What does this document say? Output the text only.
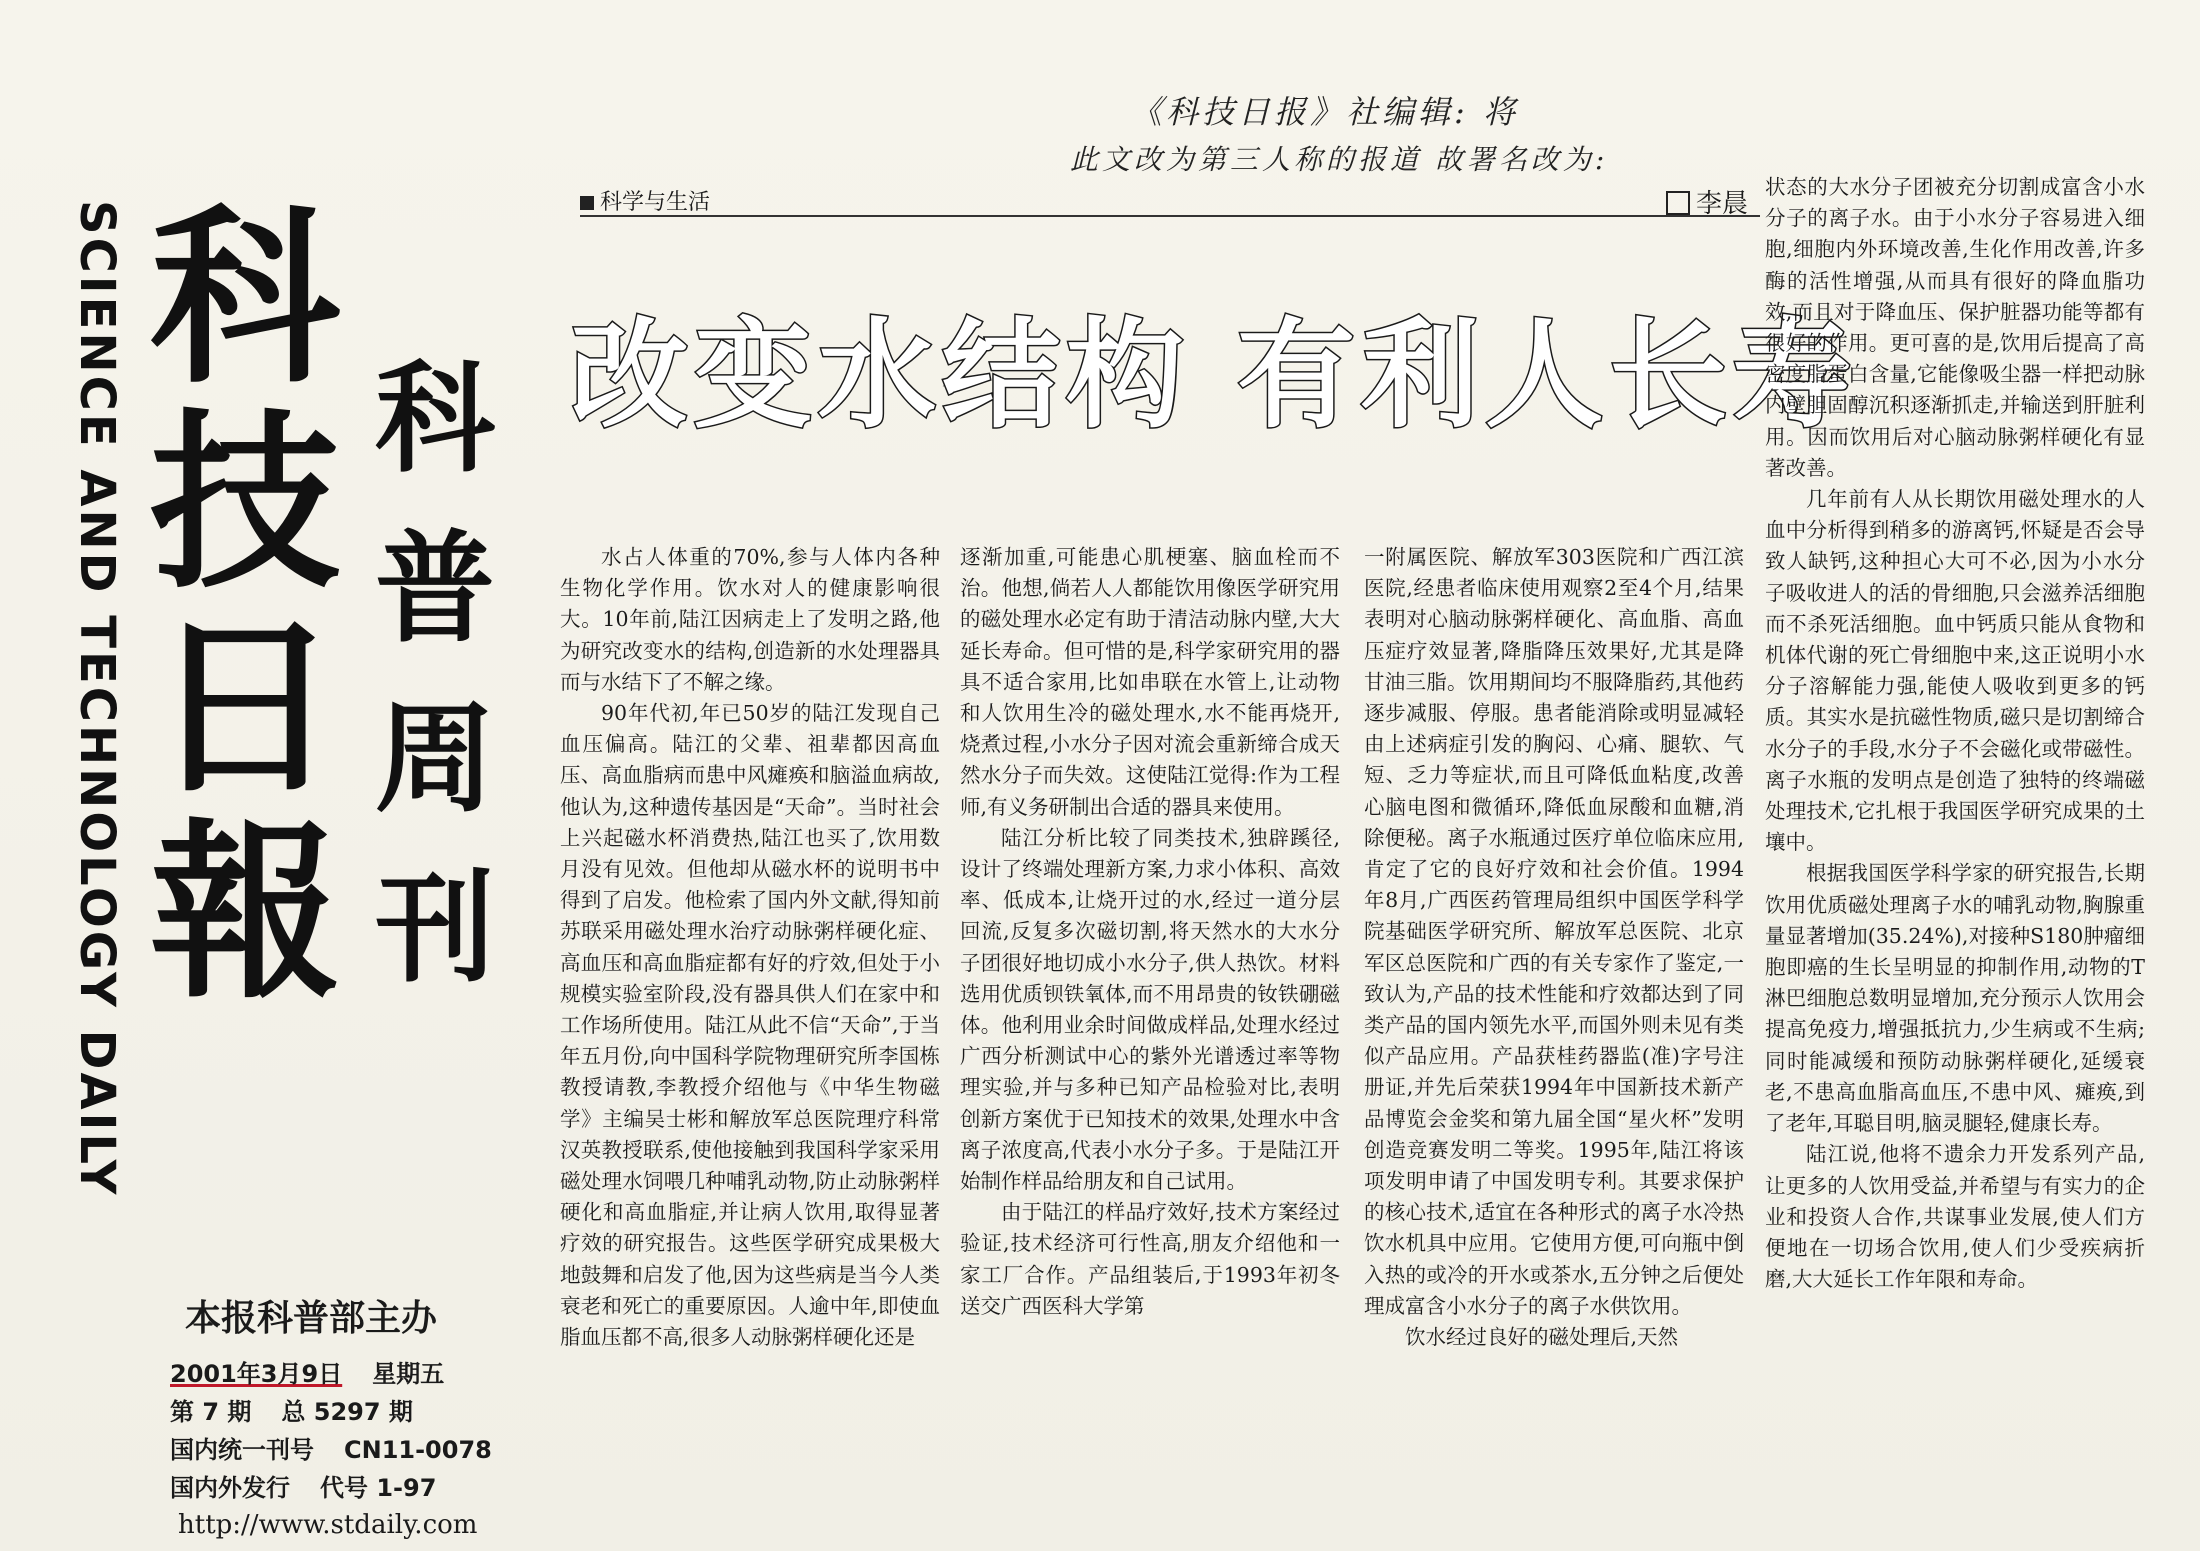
SCIENCE AND TECHNOLOGY DAILY 科
技
日
報
科
普
周
刊
本报科普部主办
2001年3月9日 星期五
第 7 期 总 5297 期
国内统一刊号 CN11-0078
国内外发行 代号 1-97
http://www.stdaily.com
《科技日报》社编辑: 将
此文改为第三人称的报道 故署名改为:
科学与生活	李晨
改变水结构 有利人长寿

水占人体重的70%,参与人体内各种生物化学作用。饮水对人的健康影响很大。10年前,陆江因病走上了发明之路,他为研究改变水的结构,创造新的水处理器具而与水结下了不解之缘。

90年代初,年已50岁的陆江发现自己血压偏高。陆江的父辈、祖辈都因高血压、高血脂病而患中风瘫痪和脑溢血病故,他认为,这种遗传基因是“天命”。当时社会上兴起磁水杯消费热,陆江也买了,饮用数月没有见效。但他却从磁水杯的说明书中得到了启发。他检索了国内外文献,得知前苏联采用磁处理水治疗动脉粥样硬化症、高血压和高血脂症都有好的疗效,但处于小规模实验室阶段,没有器具供人们在家中和工作场所使用。陆江从此不信“天命”,于当年五月份,向中国科学院物理研究所李国栋教授请教,李教授介绍他与《中华生物磁学》主编吴士彬和解放军总医院理疗科常汉英教授联系,使他接触到我国科学家采用磁处理水饲喂几种哺乳动物,防止动脉粥样硬化和高血脂症,并让病人饮用,取得显著疗效的研究报告。这些医学研究成果极大地鼓舞和启发了他,因为这些病是当今人类衰老和死亡的重要原因。人逾中年,即使血脂血压都不高,很多人动脉粥样硬化还是

逐渐加重,可能患心肌梗塞、脑血栓而不治。他想,倘若人人都能饮用像医学研究用的磁处理水必定有助于清洁动脉内壁,大大延长寿命。但可惜的是,科学家研究用的器具不适合家用,比如串联在水管上,让动物和人饮用生冷的磁处理水,水不能再烧开,烧煮过程,小水分子因对流会重新缔合成天然水分子而失效。这使陆江觉得:作为工程师,有义务研制出合适的器具来使用。

陆江分析比较了同类技术,独辟蹊径,设计了终端处理新方案,力求小体积、高效率、低成本,让烧开过的水,经过一道分层回流,反复多次磁切割,将天然水的大水分子团很好地切成小水分子,供人热饮。材料选用优质钡铁氧体,而不用昂贵的钕铁硼磁体。他利用业余时间做成样品,处理水经过广西分析测试中心的紫外光谱透过率等物理实验,并与多种已知产品检验对比,表明创新方案优于已知技术的效果,处理水中含离子浓度高,代表小水分子多。于是陆江开始制作样品给朋友和自己试用。

由于陆江的样品疗效好,技术方案经过验证,技术经济可行性高,朋友介绍他和一家工厂合作。产品组装后,于1993年初冬送交广西医科大学第

一附属医院、解放军303医院和广西江滨医院,经患者临床使用观察2至4个月,结果表明对心脑动脉粥样硬化、高血脂、高血压症疗效显著,降脂降压效果好,尤其是降甘油三脂。饮用期间均不服降脂药,其他药逐步减服、停服。患者能消除或明显减轻由上述病症引发的胸闷、心痛、腿软、气短、乏力等症状,而且可降低血粘度,改善心脑电图和微循环,降低血尿酸和血糖,消除便秘。离子水瓶通过医疗单位临床应用,肯定了它的良好疗效和社会价值。1994年8月,广西医药管理局组织中国医学科学院基础医学研究所、解放军总医院、北京军区总医院和广西的有关专家作了鉴定,一致认为,产品的技术性能和疗效都达到了同类产品的国内领先水平,而国外则未见有类似产品应用。产品获桂药器监(准)字号注册证,并先后荣获1994年中国新技术新产品博览会金奖和第九届全国“星火杯”发明创造竞赛发明二等奖。1995年,陆江将该项发明申请了中国发明专利。其要求保护的核心技术,适宜在各种形式的离子水冷热饮水机具中应用。它使用方便,可向瓶中倒入热的或冷的开水或茶水,五分钟之后便处理成富含小水分子的离子水供饮用。

饮水经过良好的磁处理后,天然

状态的大水分子团被充分切割成富含小水分子的离子水。由于小水分子容易进入细胞,细胞内外环境改善,生化作用改善,许多酶的活性增强,从而具有很好的降血脂功效,而且对于降血压、保护脏器功能等都有很好的作用。更可喜的是,饮用后提高了高密度脂蛋白含量,它能像吸尘器一样把动脉内壁胆固醇沉积逐渐抓走,并输送到肝脏利用。因而饮用后对心脑动脉粥样硬化有显著改善。

几年前有人从长期饮用磁处理水的人血中分析得到稍多的游离钙,怀疑是否会导致人缺钙,这种担心大可不必,因为小水分子吸收进人的活的骨细胞,只会滋养活细胞而不杀死活细胞。血中钙质只能从食物和机体代谢的死亡骨细胞中来,这正说明小水分子溶解能力强,能使人吸收到更多的钙质。其实水是抗磁性物质,磁只是切割缔合水分子的手段,水分子不会磁化或带磁性。离子水瓶的发明点是创造了独特的终端磁处理技术,它扎根于我国医学研究成果的土壤中。

根据我国医学科学家的研究报告,长期饮用优质磁处理离子水的哺乳动物,胸腺重量显著增加(35.24%),对接种S180肿瘤细胞即癌的生长呈明显的抑制作用,动物的T淋巴细胞总数明显增加,充分预示人饮用会提高免疫力,增强抵抗力,少生病或不生病;同时能减缓和预防动脉粥样硬化,延缓衰老,不患高血脂高血压,不患中风、瘫痪,到了老年,耳聪目明,脑灵腿轻,健康长寿。

陆江说,他将不遗余力开发系列产品,让更多的人饮用受益,并希望与有实力的企业和投资人合作,共谋事业发展,使人们方便地在一切场合饮用,使人们少受疾病折磨,大大延长工作年限和寿命。
